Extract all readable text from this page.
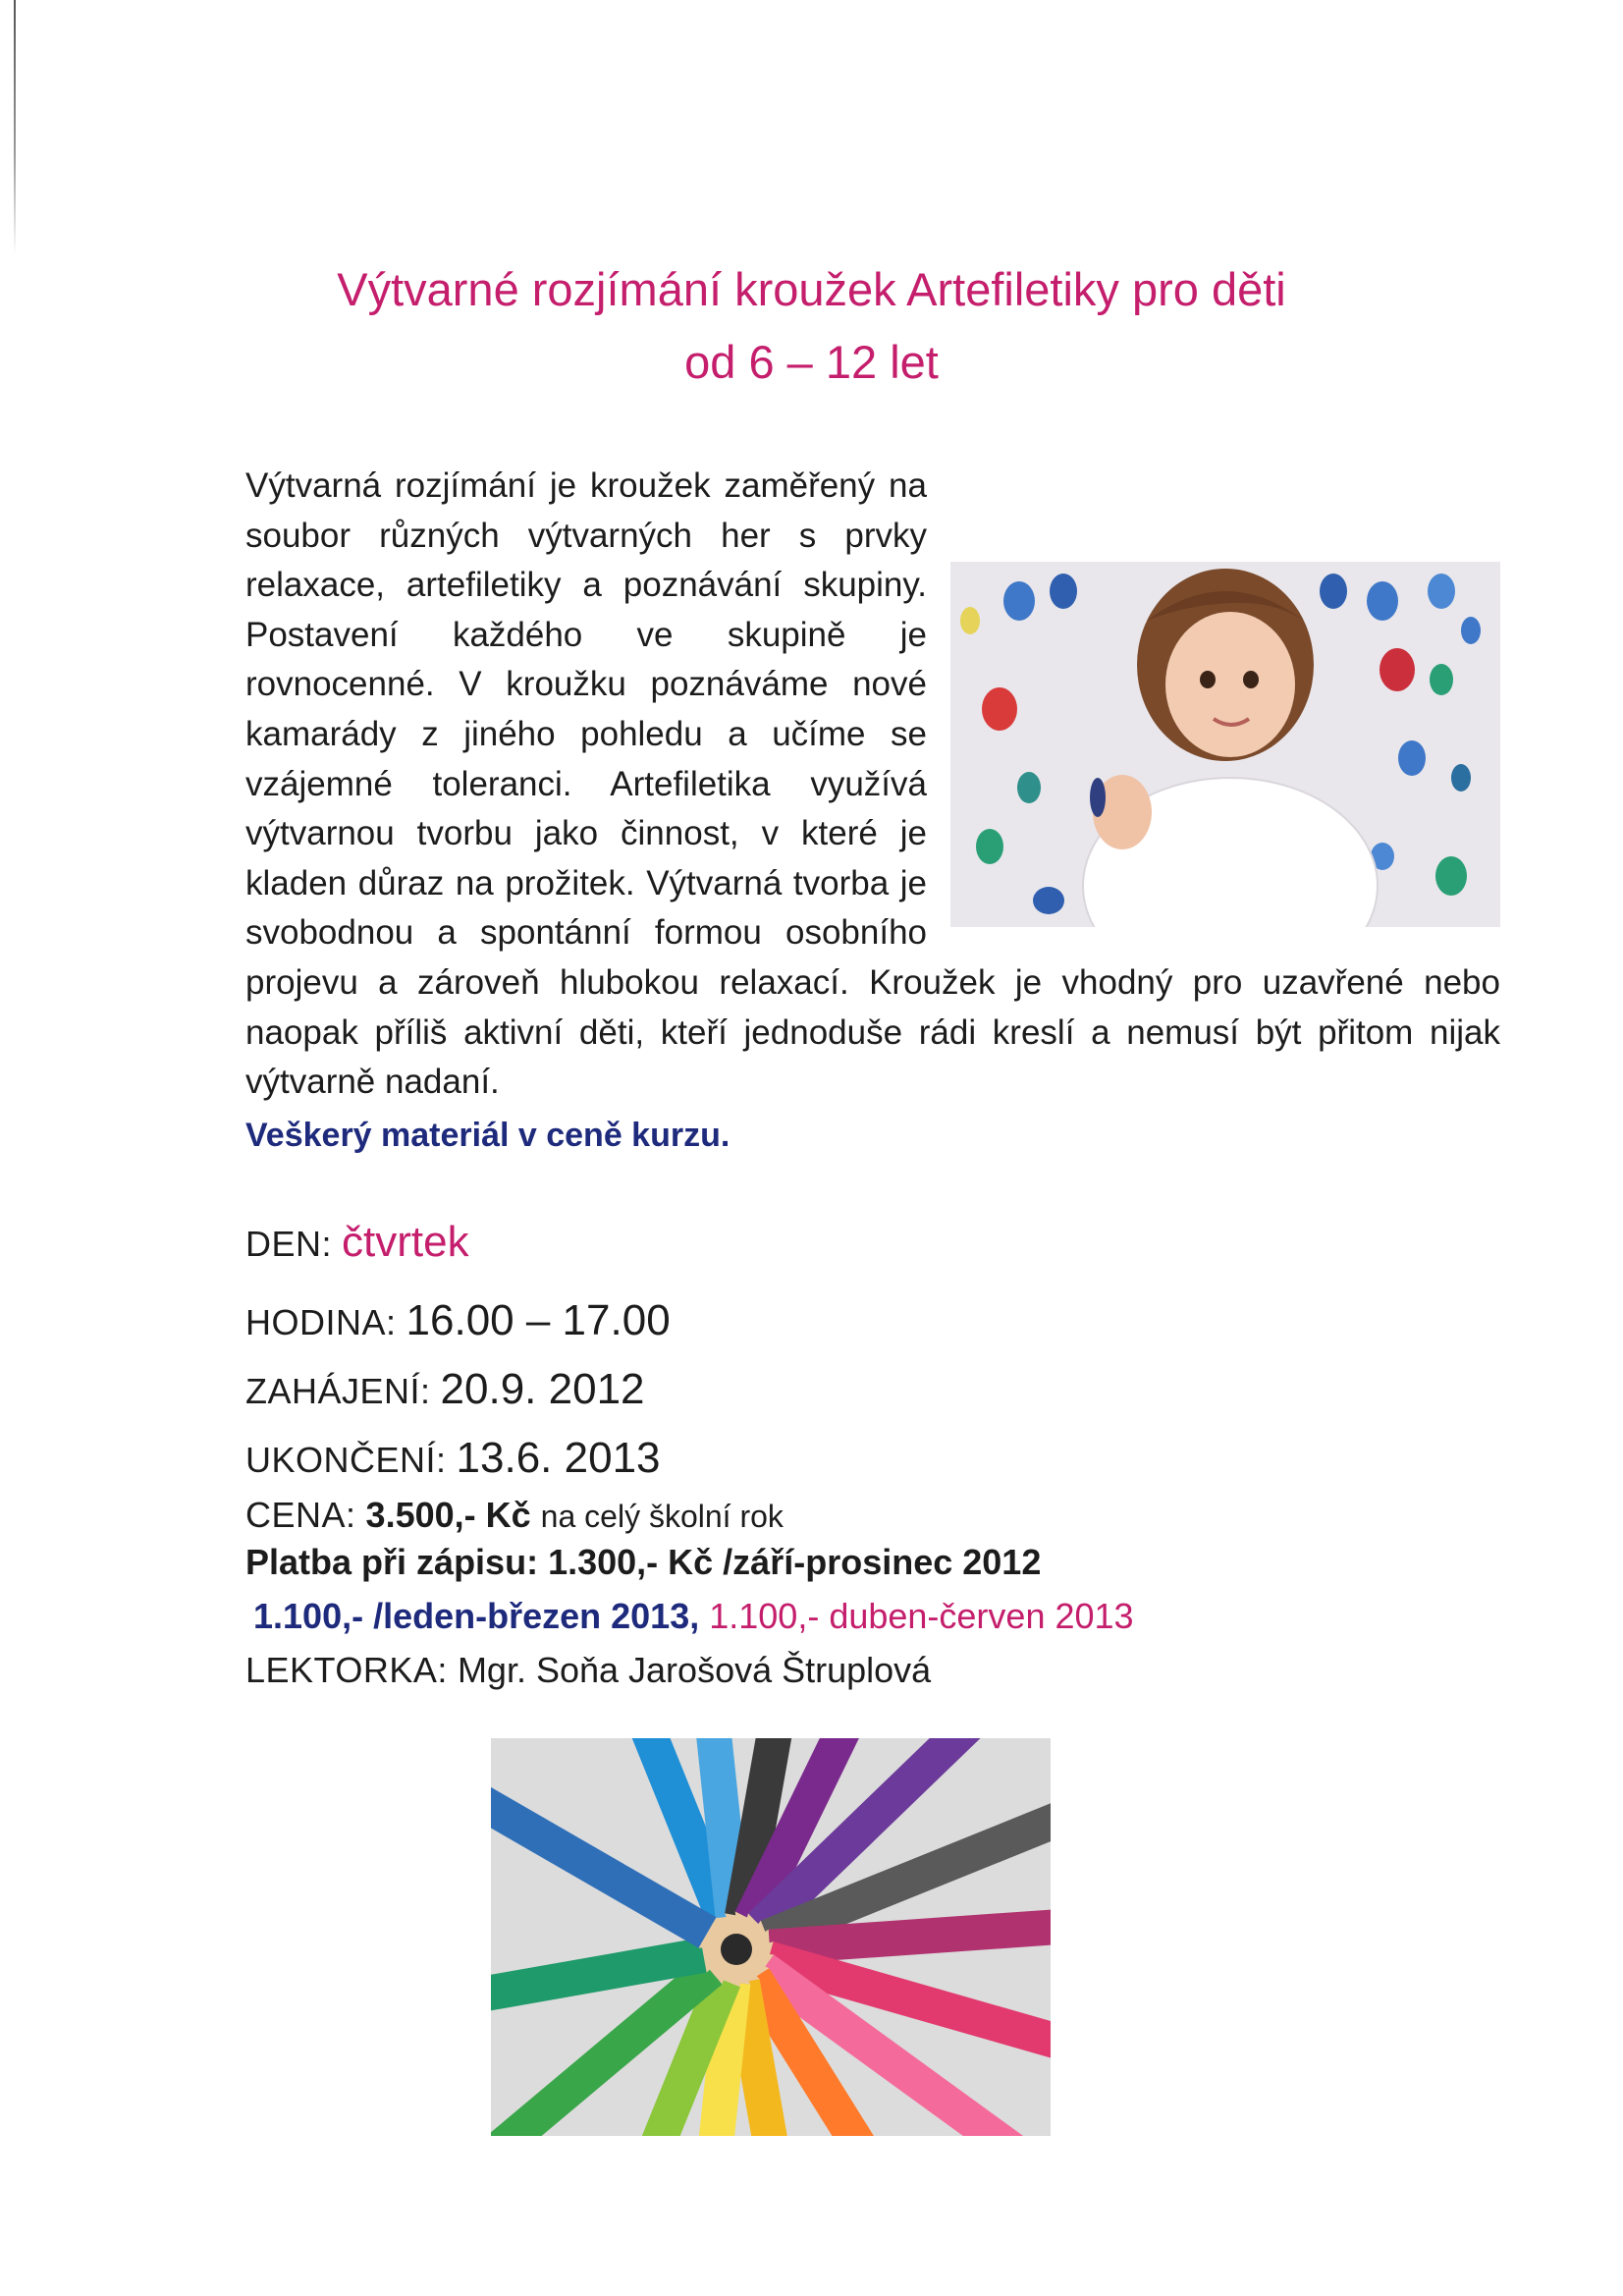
Výtvarné rozjímání kroužek Artefiletiky pro děti
od 6 – 12 let
Výtvarná rozjímání je kroužek zaměřený na soubor různých výtvarných her s prvky relaxace, artefiletiky a poznávání skupiny. Postavení každého ve skupině je rovnocenné. V kroužku poznáváme nové kamarády z jiného pohledu a učíme se vzájemné toleranci. Artefiletika využívá výtvarnou tvorbu jako činnost, v které je kladen důraz na prožitek. Výtvarná tvorba je svobodnou a spontánní formou osobního projevu a zároveň hlubokou relaxací. Kroužek je vhodný pro uzavřené nebo naopak příliš aktivní děti, kteří jednoduše rádi kreslí a nemusí být přitom nijak výtvarně nadaní.
Veškerý materiál v ceně kurzu.
DEN: čtvrtek
HODINA: 16.00 – 17.00
ZAHÁJENÍ: 20.9. 2012
UKONČENÍ: 13.6. 2013
CENA: 3.500,- Kč na celý školní rok
Platba při zápisu: 1.300,- Kč /září-prosinec 2012
1.100,- /leden-březen 2013, 1.100,- duben-červen 2013
LEKTORKA: Mgr. Soňa Jarošová Štruplová
